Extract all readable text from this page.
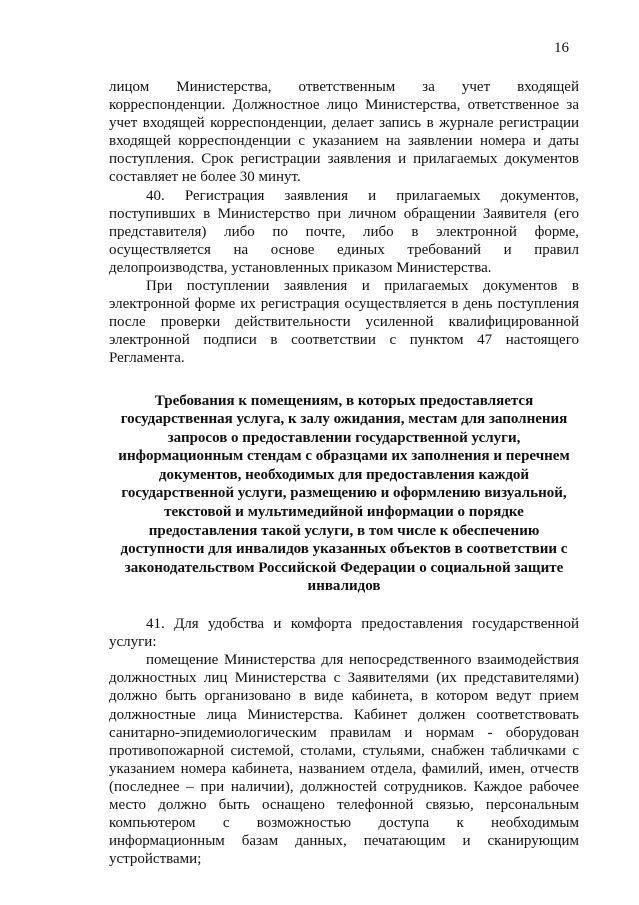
16

лицом Министерства, ответственным за учет входящей корреспонденции. Должностное лицо Министерства, ответственное за учет входящей корреспонденции, делает запись в журнале регистрации входящей корреспонденции с указанием на заявлении номера и даты поступления. Срок регистрации заявления и прилагаемых документов составляет не более 30 минут.

40. Регистрация заявления и прилагаемых документов, поступивших в Министерство при личном обращении Заявителя (его представителя) либо по почте, либо в электронной форме, осуществляется на основе единых требований и правил делопроизводства, установленных приказом Министерства.

При поступлении заявления и прилагаемых документов в электронной форме их регистрация осуществляется в день поступления после проверки действительности усиленной квалифицированной электронной подписи в соответствии с пунктом 47 настоящего Регламента.

Требования к помещениям, в которых предоставляется государственная услуга, к залу ожидания, местам для заполнения запросов о предоставлении государственной услуги, информационным стендам с образцами их заполнения и перечнем документов, необходимых для предоставления каждой государственной услуги, размещению и оформлению визуальной, текстовой и мультимедийной информации о порядке предоставления такой услуги, в том числе к обеспечению доступности для инвалидов указанных объектов в соответствии с законодательством Российской Федерации о социальной защите инвалидов

41. Для удобства и комфорта предоставления государственной услуги:

помещение Министерства для непосредственного взаимодействия должностных лиц Министерства с Заявителями (их представителями) должно быть организовано в виде кабинета, в котором ведут прием должностные лица Министерства. Кабинет должен соответствовать санитарно-эпидемиологическим правилам и нормам - оборудован противопожарной системой, столами, стульями, снабжен табличками с указанием номера кабинета, названием отдела, фамилий, имен, отчеств (последнее – при наличии), должностей сотрудников. Каждое рабочее место должно быть оснащено телефонной связью, персональным компьютером с возможностью доступа к необходимым информационным базам данных, печатающим и сканирующим устройствами;
